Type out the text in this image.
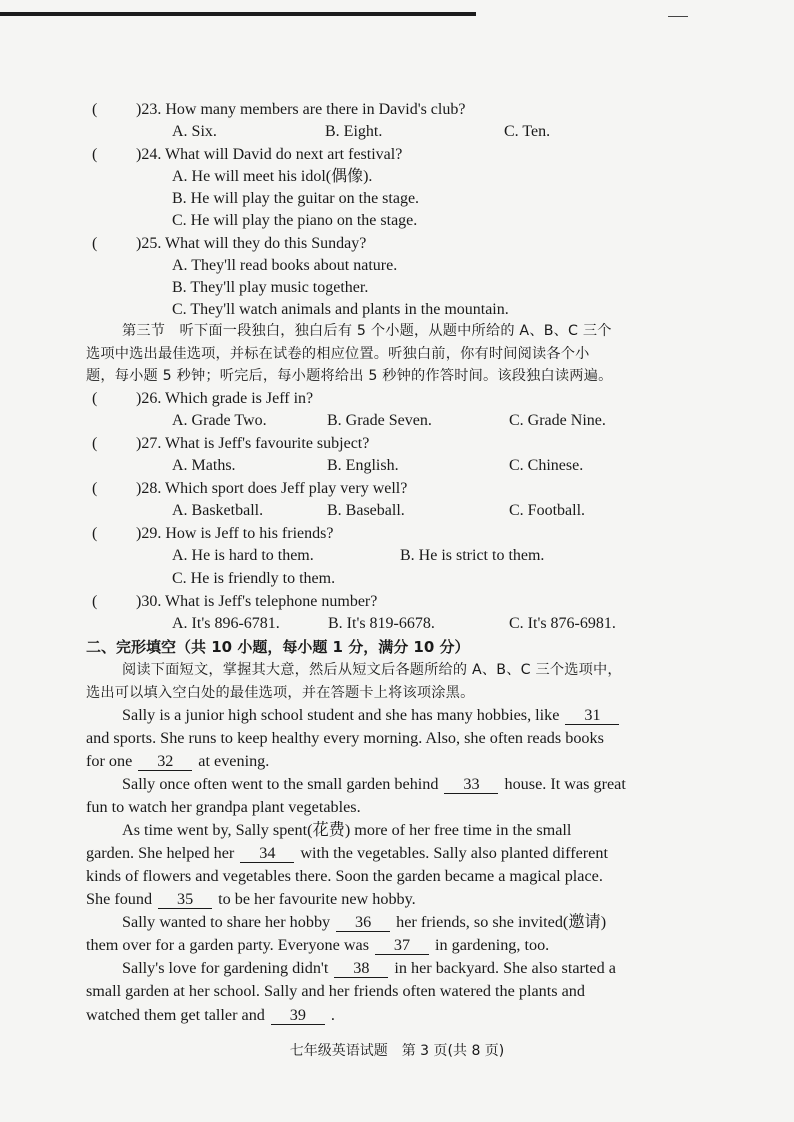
( )23. How many members are there in David's club?
A. Six.	B. Eight.	C. Ten.
( )24. What will David do next art festival?
A. He will meet his idol(偶像).
B. He will play the guitar on the stage.
C. He will play the piano on the stage.
( )25. What will they do this Sunday?
A. They'll read books about nature.
B. They'll play music together.
C. They'll watch animals and plants in the mountain.
第三节　听下面一段独白，独白后有 5 个小题，从题中所给的 A、B、C 三个
选项中选出最佳选项，并标在试卷的相应位置。听独白前，你有时间阅读各个小
题，每小题 5 秒钟；听完后，每小题将给出 5 秒钟的作答时间。该段独白读两遍。
( )26. Which grade is Jeff in?
A. Grade Two.	B. Grade Seven.	C. Grade Nine.
( )27. What is Jeff's favourite subject?
A. Maths.	B. English.	C. Chinese.
( )28. Which sport does Jeff play very well?
A. Basketball.	B. Baseball.	C. Football.
( )29. How is Jeff to his friends?
A. He is hard to them.	B. He is strict to them.
C. He is friendly to them.
( )30. What is Jeff's telephone number?
A. It's 896-6781.	B. It's 819-6678.	C. It's 876-6981.
二、完形填空（共 10 小题，每小题 1 分，满分 10 分）
阅读下面短文，掌握其大意，然后从短文后各题所给的 A、B、C 三个选项中，
选出可以填入空白处的最佳选项，并在答题卡上将该项涂黑。
Sally is a junior high school student and she has many hobbies, like 31
and sports. She runs to keep healthy every morning. Also, she often reads books
for one 32 at evening.
Sally once often went to the small garden behind 33 house. It was great
fun to watch her grandpa plant vegetables.
As time went by, Sally spent(花费) more of her free time in the small
garden. She helped her 34 with the vegetables. Sally also planted different
kinds of flowers and vegetables there. Soon the garden became a magical place.
She found 35 to be her favourite new hobby.
Sally wanted to share her hobby 36 her friends, so she invited(邀请)
them over for a garden party. Everyone was 37 in gardening, too.
Sally's love for gardening didn't 38 in her backyard. She also started a
small garden at her school. Sally and her friends often watered the plants and
watched them get taller and 39 .
七年级英语试题　第 3 页(共 8 页)
